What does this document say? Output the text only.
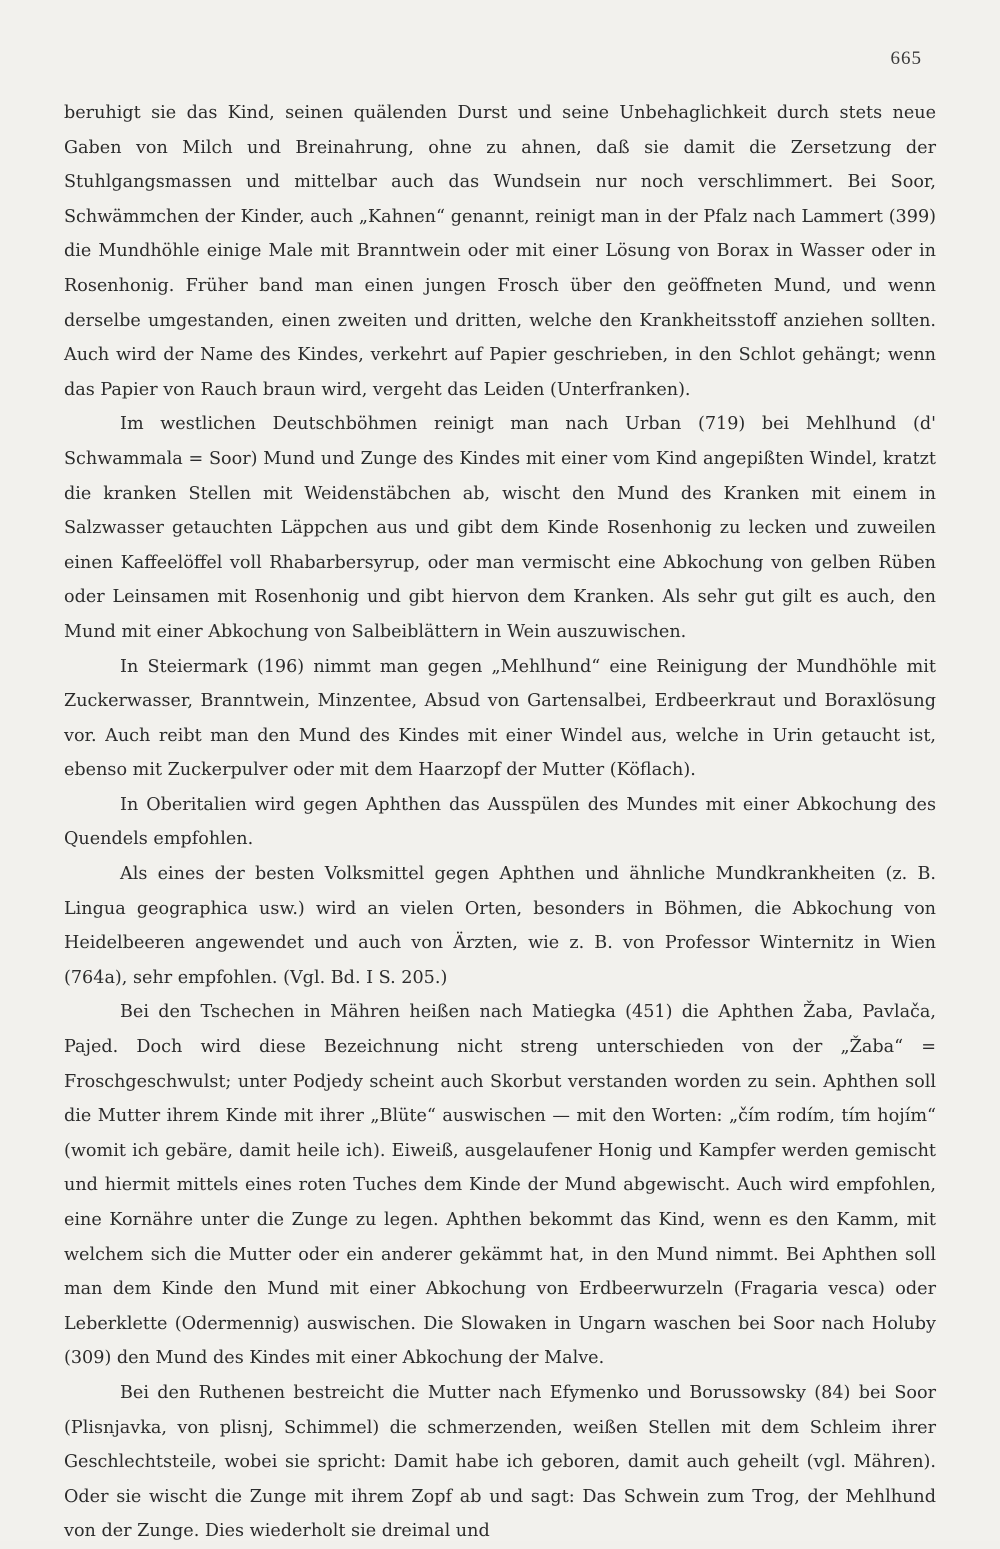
665

beruhigt sie das Kind, seinen quälenden Durst und seine Unbehaglichkeit durch stets neue Gaben von Milch und Breinahrung, ohne zu ahnen, daß sie damit die Zersetzung der Stuhlgangsmassen und mittelbar auch das Wundsein nur noch verschlimmert. Bei Soor, Schwämmchen der Kinder, auch „Kahnen“ genannt, reinigt man in der Pfalz nach Lammert (399) die Mundhöhle einige Male mit Branntwein oder mit einer Lösung von Borax in Wasser oder in Rosenhonig. Früher band man einen jungen Frosch über den geöffneten Mund, und wenn derselbe umgestanden, einen zweiten und dritten, welche den Krankheitsstoff anziehen sollten. Auch wird der Name des Kindes, verkehrt auf Papier geschrieben, in den Schlot gehängt; wenn das Papier von Rauch braun wird, vergeht das Leiden (Unterfranken).

Im westlichen Deutschböhmen reinigt man nach Urban (719) bei Mehlhund (d' Schwammala = Soor) Mund und Zunge des Kindes mit einer vom Kind angepißten Windel, kratzt die kranken Stellen mit Weidenstäbchen ab, wischt den Mund des Kranken mit einem in Salzwasser getauchten Läppchen aus und gibt dem Kinde Rosenhonig zu lecken und zuweilen einen Kaffeelöffel voll Rhabarbersyrup, oder man vermischt eine Abkochung von gelben Rüben oder Leinsamen mit Rosenhonig und gibt hiervon dem Kranken. Als sehr gut gilt es auch, den Mund mit einer Abkochung von Salbeiblättern in Wein auszuwischen.

In Steiermark (196) nimmt man gegen „Mehlhund“ eine Reinigung der Mundhöhle mit Zuckerwasser, Branntwein, Minzentee, Absud von Gartensalbei, Erdbeerkraut und Boraxlösung vor. Auch reibt man den Mund des Kindes mit einer Windel aus, welche in Urin getaucht ist, ebenso mit Zuckerpulver oder mit dem Haarzopf der Mutter (Köflach).

In Oberitalien wird gegen Aphthen das Ausspülen des Mundes mit einer Abkochung des Quendels empfohlen.

Als eines der besten Volksmittel gegen Aphthen und ähnliche Mundkrankheiten (z. B. Lingua geographica usw.) wird an vielen Orten, besonders in Böhmen, die Abkochung von Heidelbeeren angewendet und auch von Ärzten, wie z. B. von Professor Winternitz in Wien (764a), sehr empfohlen. (Vgl. Bd. I S. 205.)

Bei den Tschechen in Mähren heißen nach Matiegka (451) die Aphthen Žaba, Pavlača, Pajed. Doch wird diese Bezeichnung nicht streng unterschieden von der „Žaba“ = Froschgeschwulst; unter Podjedy scheint auch Skorbut verstanden worden zu sein. Aphthen soll die Mutter ihrem Kinde mit ihrer „Blüte“ auswischen — mit den Worten: „čím rodím, tím hojím“ (womit ich gebäre, damit heile ich). Eiweiß, ausgelaufener Honig und Kampfer werden gemischt und hiermit mittels eines roten Tuches dem Kinde der Mund abgewischt. Auch wird empfohlen, eine Kornähre unter die Zunge zu legen. Aphthen bekommt das Kind, wenn es den Kamm, mit welchem sich die Mutter oder ein anderer gekämmt hat, in den Mund nimmt. Bei Aphthen soll man dem Kinde den Mund mit einer Abkochung von Erdbeerwurzeln (Fragaria vesca) oder Leberklette (Odermennig) auswischen. Die Slowaken in Ungarn waschen bei Soor nach Holuby (309) den Mund des Kindes mit einer Abkochung der Malve.

Bei den Ruthenen bestreicht die Mutter nach Efymenko und Borussowsky (84) bei Soor (Plisnjavka, von plisnj, Schimmel) die schmerzenden, weißen Stellen mit dem Schleim ihrer Geschlechtsteile, wobei sie spricht: Damit habe ich geboren, damit auch geheilt (vgl. Mähren). Oder sie wischt die Zunge mit ihrem Zopf ab und sagt: Das Schwein zum Trog, der Mehlhund von der Zunge. Dies wiederholt sie dreimal und
